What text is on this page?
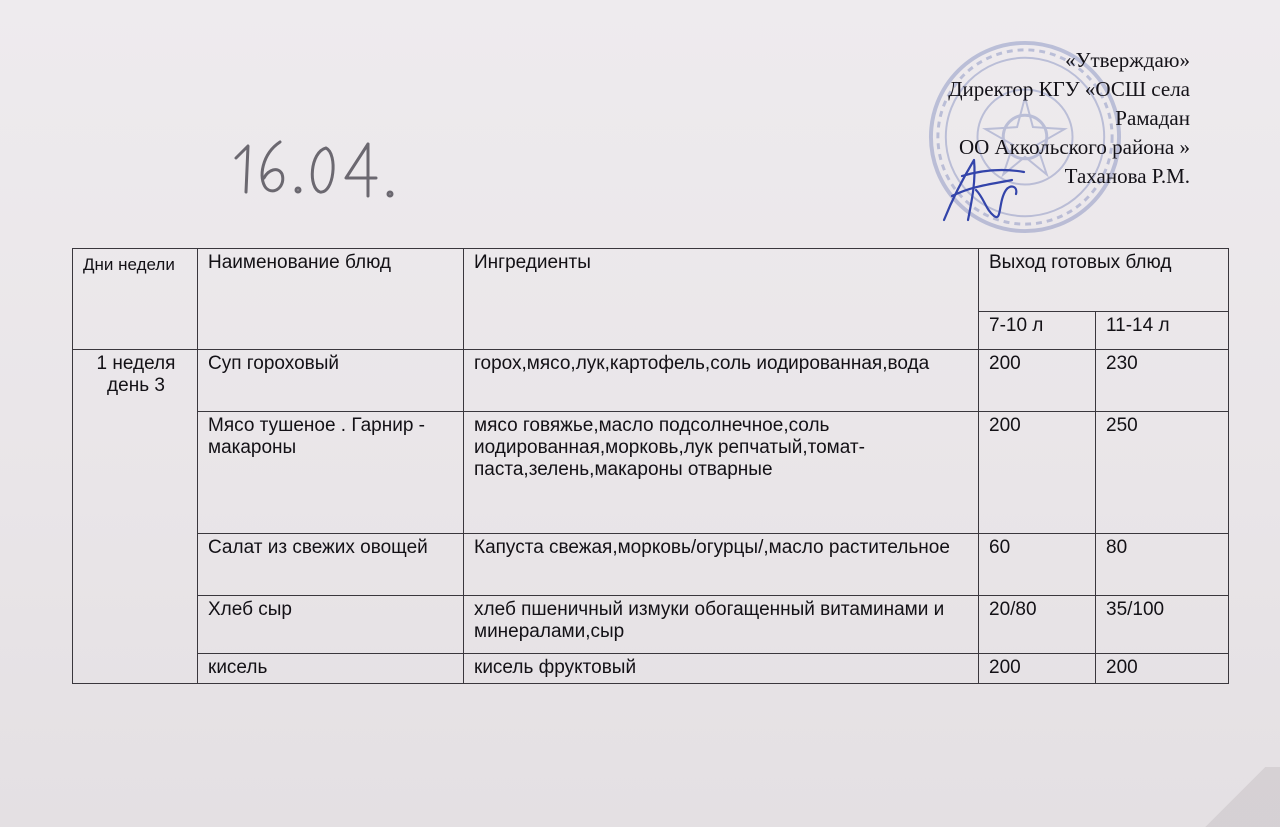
«Утверждаю»
Директор КГУ «ОСШ села
Рамадан
ОО Аккольского района »
Таханова Р.М.
Дни недели	Наименование блюд	Ингредиенты	Выход готовых блюд	
			7-10 л	11-14 л
1 неделя день 3	Суп гороховый	горох,мясо,лук,картофель,соль иодированная,вода	200	230
	Мясо тушеное . Гарнир - макароны	мясо говяжье,масло подсолнечное,соль иодированная,морковь,лук репчатый,томат-паста,зелень,макароны отварные	200	250
	Салат из свежих овощей	Капуста свежая,морковь/огурцы/,масло растительное	60	80
	Хлеб сыр	хлеб пшеничный измуки обогащенный витаминами и минералами,сыр	20/80	35/100
	кисель	кисель фруктовый	200	200
